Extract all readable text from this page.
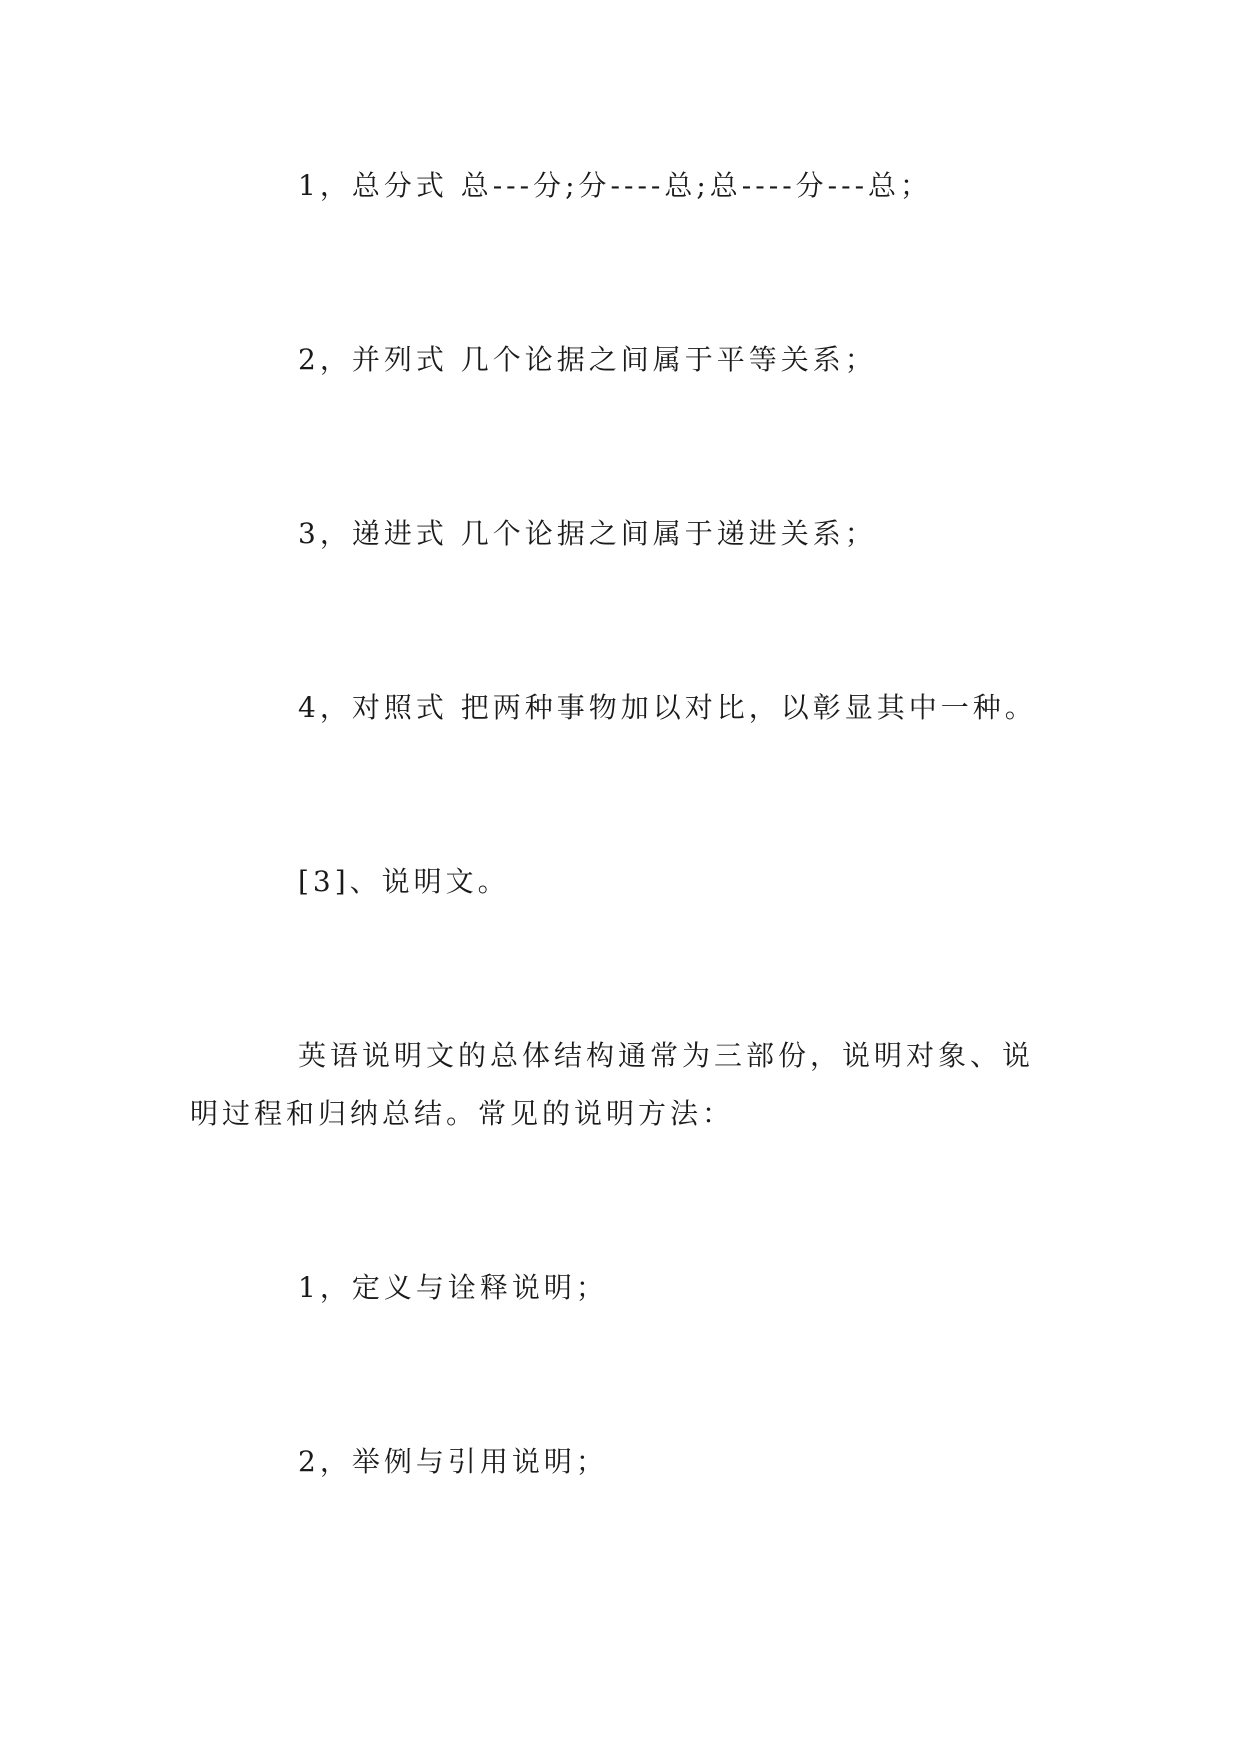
1，总分式 总---分;分----总;总----分---总；
2，并列式 几个论据之间属于平等关系；
3，递进式 几个论据之间属于递进关系；
4，对照式 把两种事物加以对比，以彰显其中一种。
[3]、说明文。
英语说明文的总体结构通常为三部份，说明对象、说
明过程和归纳总结。常见的说明方法：
1，定义与诠释说明；
2，举例与引用说明；
